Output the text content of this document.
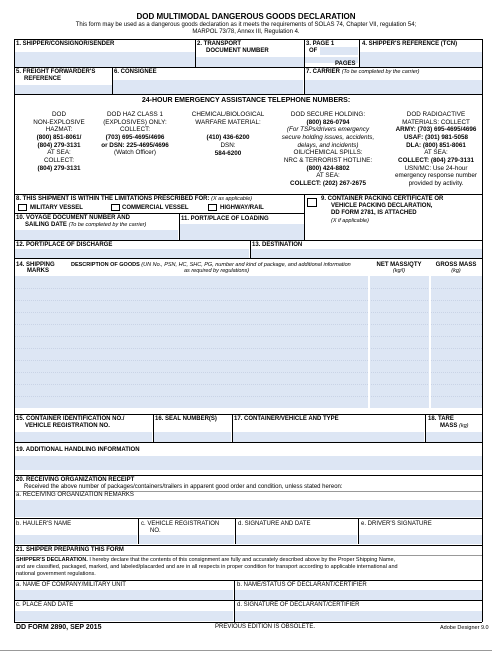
DOD MULTIMODAL DANGEROUS GOODS DECLARATION
This form may be used as a dangerous goods declaration as it meets the requirements of SOLAS 74, Chapter VII, regulation 54;
MARPOL 73/78, Annex III, Regulation 4.
1. SHIPPER/CONSIGNOR/SENDER	2. TRANSPORT
DOCUMENT NUMBER
3. PAGE 1
OF
PAGES
4. SHIPPER'S REFERENCE (TCN)
5. FREIGHT FORWARDER'S
REFERENCE
6. CONSIGNEE	7. CARRIER (To be completed by the carrier)
24-HOUR EMERGENCY ASSISTANCE TELEPHONE NUMBERS:
DOD
NON-EXPLOSIVE
HAZMAT:
(800) 851-8061/
(804) 279-3131
AT SEA:
COLLECT:
(804) 279-3131
DOD HAZ CLASS 1
(EXPLOSIVES) ONLY:
COLLECT:
(703) 695-4695/4696
or DSN: 225-4695/4696
(Watch Officer)
CHEMICAL/BIOLOGICAL
WARFARE MATERIAL:
(410) 436-6200
DSN:
584-6200
DOD SECURE HOLDING:
(800) 826-0794
(For TSPs/drivers emergency
secure holding issues, accidents,
delays, and incidents)
OIL/CHEMICAL SPILLS:
NRC & TERRORIST HOTLINE:
(800) 424-8802
AT SEA:
COLLECT: (202) 267-2675
DOD RADIOACTIVE
MATERIALS: COLLECT
ARMY: (703) 695-4695/4696
USAF: (301) 981-5058
DLA: (800) 851-8061
AT SEA:
COLLECT: (804) 279-3131
USN/MC: Use 24-hour
emergency response number
provided by activity.
8. THIS SHIPMENT IS WITHIN THE LIMITATIONS PRESCRIBED FOR: (X as applicable)
MILITARY VESSEL	COMMERCIAL VESSEL	HIGHWAY/RAIL
9. CONTAINER PACKING CERTIFICATE OR
VEHICLE PACKING DECLARATION,
DD FORM 2781, IS ATTACHED
(X if applicable)
10. VOYAGE DOCUMENT NUMBER AND
SAILING DATE (To be completed by the carrier)
11. PORT/PLACE OF LOADING
12. PORT/PLACE OF DISCHARGE	13. DESTINATION
14. SHIPPING
MARKS
DESCRIPTION OF GOODS (UN No., PSN, HC, SHC, PG, number and kind of package, and additional information
as required by regulations)
NET MASS/QTY
(kg/l)
GROSS MASS
(kg)
15. CONTAINER IDENTIFICATION NO./
VEHICLE REGISTRATION NO.
16. SEAL NUMBER(S)	17. CONTAINER/VEHICLE AND TYPE	18. TARE
MASS (kg)
19. ADDITIONAL HANDLING INFORMATION
20. RECEIVING ORGANIZATION RECEIPT
Received the above number of packages/containers/trailers in apparent good order and condition, unless stated hereon:
a. RECEIVING ORGANIZATION REMARKS
b. HAULER'S NAME	c. VEHICLE REGISTRATION
NO.
d. SIGNATURE AND DATE	e. DRIVER'S SIGNATURE
21. SHIPPER PREPARING THIS FORM
SHIPPER'S DECLARATION. I hereby declare that the contents of this consignment are fully and accurately described above by the Proper Shipping Name,
and are classified, packaged, marked, and labeled/placarded and are in all respects in proper condition for transport according to applicable international and
national government regulations.
a. NAME OF COMPANY/MILITARY UNIT	b. NAME/STATUS OF DECLARANT/CERTIFIER
c. PLACE AND DATE	d. SIGNATURE OF DECLARANT/CERTIFIER
DD FORM 2890, SEP 2015	PREVIOUS EDITION IS OBSOLETE.	Adobe Designer 9.0
